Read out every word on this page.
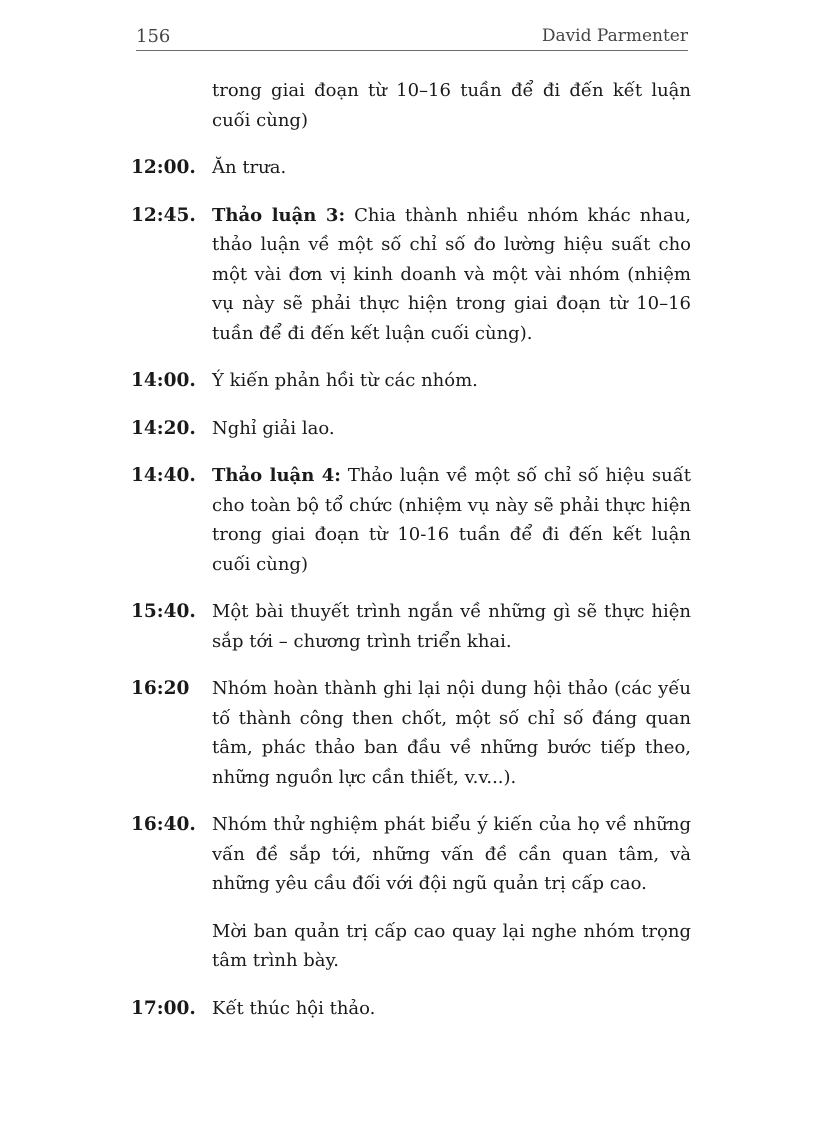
156	David Parmenter
trong giai đoạn từ 10–16 tuần để đi đến kết luận cuối cùng)
12:00. Ăn trưa.
12:45. Thảo luận 3: Chia thành nhiều nhóm khác nhau, thảo luận về một số chỉ số đo lường hiệu suất cho một vài đơn vị kinh doanh và một vài nhóm (nhiệm vụ này sẽ phải thực hiện trong giai đoạn từ 10–16 tuần để đi đến kết luận cuối cùng).
14:00. Ý kiến phản hồi từ các nhóm.
14:20. Nghỉ giải lao.
14:40. Thảo luận 4: Thảo luận về một số chỉ số hiệu suất cho toàn bộ tổ chức (nhiệm vụ này sẽ phải thực hiện trong giai đoạn từ 10-16 tuần để đi đến kết luận cuối cùng)
15:40. Một bài thuyết trình ngắn về những gì sẽ thực hiện sắp tới – chương trình triển khai.
16:20	Nhóm hoàn thành ghi lại nội dung hội thảo (các yếu tố thành công then chốt, một số chỉ số đáng quan tâm, phác thảo ban đầu về những bước tiếp theo, những nguồn lực cần thiết, v.v...).
16:40. Nhóm thử nghiệm phát biểu ý kiến của họ về những vấn đề sắp tới, những vấn đề cần quan tâm, và những yêu cầu đối với đội ngũ quản trị cấp cao.
Mời ban quản trị cấp cao quay lại nghe nhóm trọng tâm trình bày.
17:00. Kết thúc hội thảo.
